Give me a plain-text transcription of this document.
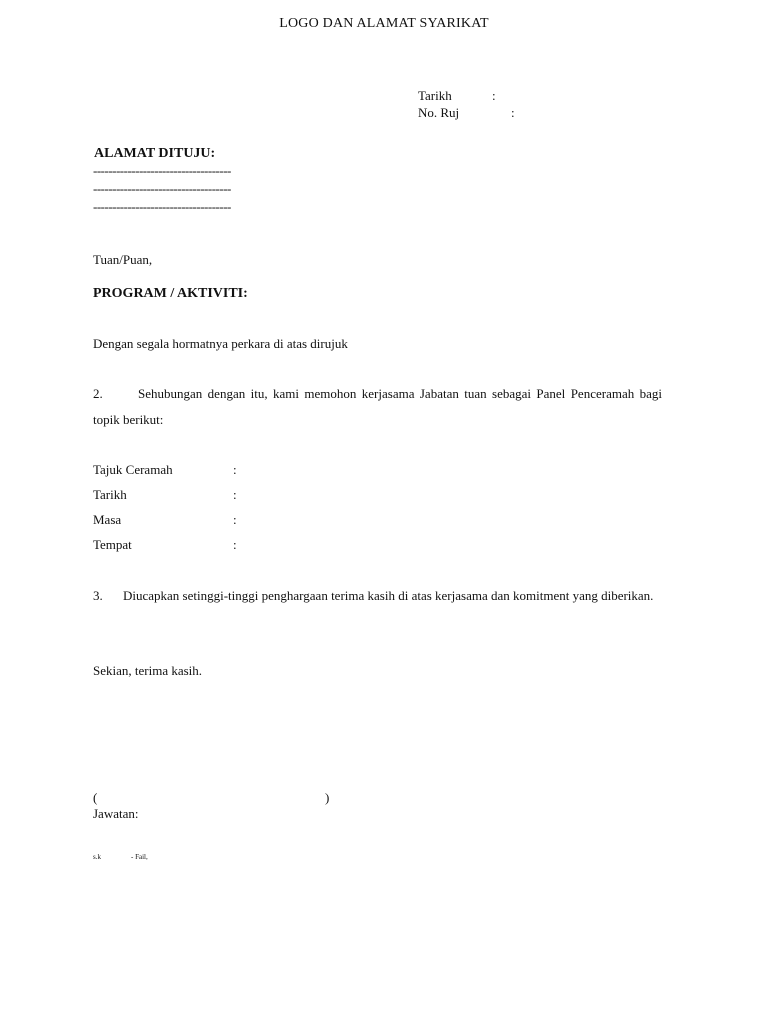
LOGO DAN ALAMAT SYARIKAT
Tarikh	:
No. Ruj	:
ALAMAT DITUJU:
------------------------------------
------------------------------------
------------------------------------
Tuan/Puan,
PROGRAM / AKTIVITI:
Dengan segala hormatnya perkara di atas dirujuk
2.	Sehubungan dengan itu, kami memohon kerjasama Jabatan tuan sebagai Panel Penceramah bagi topik berikut:
Tajuk Ceramah	:
Tarikh	:
Masa	:
Tempat	:
3. Diucapkan setinggi-tinggi penghargaan terima kasih di atas kerjasama dan komitment yang diberikan.
Sekian, terima kasih.
(	)
Jawatan:
s.k	- Fail,
